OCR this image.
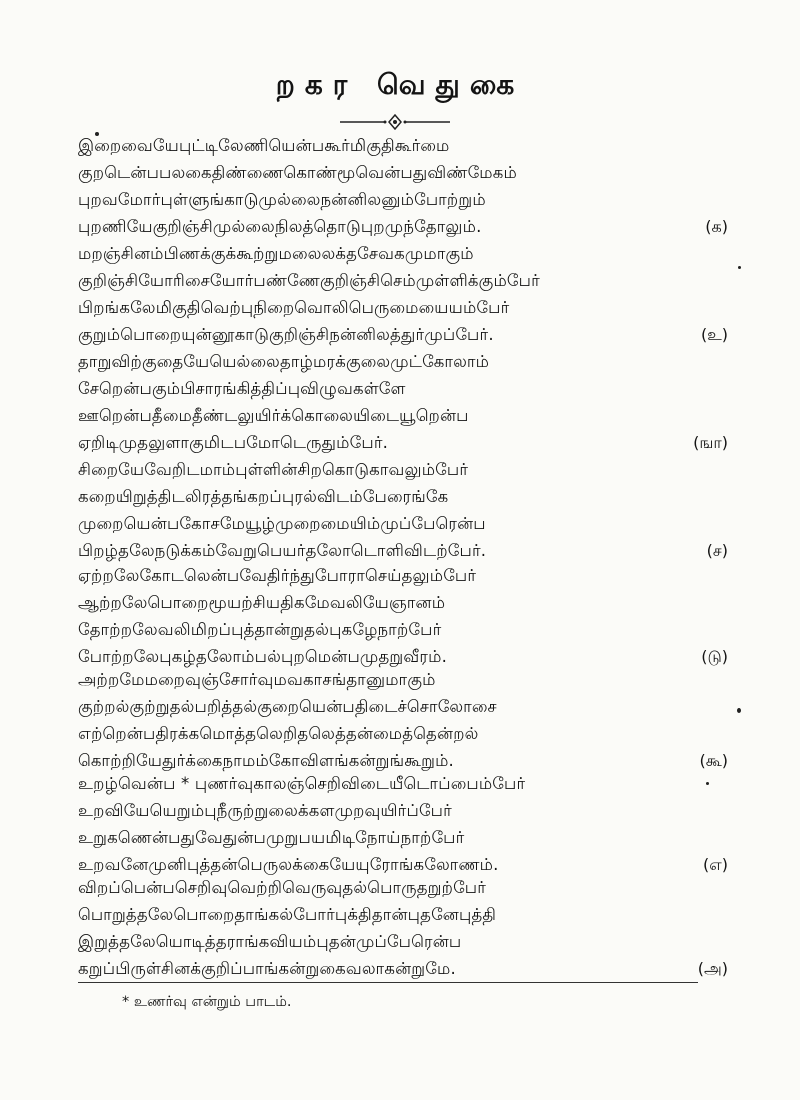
றகர வெதுகை
இறைவையேபுட்டிலேணியென்பகூர்மிகுதிகூர்மை
குறடென்பபலகைதிண்ணைகொண்மூவென்பதுவிண்மேகம்
புறவமோர்புள்ளுங்காடுமுல்லைநன்னிலனும்போற்றும்
புறணியேகுறிஞ்சிமுல்லைநிலத்தொடுபுறமுந்தோலும்.	(க)
மறஞ்சினம்பிணக்குக்கூற்றுமலைலக்தசேவகமுமாகும்
குறிஞ்சியோரிசையோர்பண்ணேகுறிஞ்சிசெம்முள்ளிக்கும்பேர்
பிறங்கலேமிகுதிவெற்புநிறைவொலிபெருமையையம்பேர்
குறும்பொறையுன்னூகாடுகுறிஞ்சிநன்னிலத்துர்முப்பேர்.	(உ)
தாறுவிற்குதையேயெல்லைதாழ்மரக்குலைமுட்கோலாம்
சேறென்பகும்பிசாரங்கித்திப்புவிழுவகள்ளே
ஊறென்பதீமைதீண்டலுயிர்க்கொலையிடையூறென்ப
ஏறிடிமுதலுளாகுமிடபமோடெருதும்பேர்.	(ஙா)
சிறையேவேறிடமாம்புள்ளின்சிறகொடுகாவலும்பேர்
கறையிறுத்திடலிரத்தங்கறப்புரல்விடம்பேரைங்கே
முறையென்பகோசமேயூழ்முறைமையிம்முப்பேரென்ப
பிறழ்தலேநடுக்கம்வேறுபெயர்தலோடொளிவிடற்பேர்.	(ச)
ஏற்றலேகோடலென்பவேதிர்ந்துபோராசெய்தலும்பேர்
ஆற்றலேபொறைமூயற்சியதிகமேவலியேஞானம்
தோற்றலேவலிமிறப்புத்தான்றுதல்புகழேநாற்பேர்
போற்றலேபுகழ்தலோம்பல்புறமென்பமுதறுவீரம்.	(டு)
அற்றமேமறைவுஞ்சோர்வுமவகாசங்தானுமாகும்
குற்றல்குற்றுதல்பறித்தல்குறையென்பதிடைச்சொலோசை
எற்றென்பதிரக்கமொத்தலெறிதலெத்தன்மைத்தென்றல்
கொற்றியேதுர்க்கைநாமம்கோவிளங்கன்றுங்கூறும்.	(கூ)
உறழ்வென்ப * புணர்வுகாலஞ்செறிவிடையீடொப்பைம்பேர்
உறவியேயெறும்புநீருற்றுலைக்களமுறவுயிர்ப்பேர்
உறுகணென்பதுவேதுன்பமுறுபயமிடிநோய்நாற்பேர்
உறவனேமுனிபுத்தன்பெருலக்கையேயுரோங்கலோணம்.	(எ)
விறப்பென்பசெறிவுவெற்றிவெருவுதல்பொருதறுற்பேர்
பொறுத்தலேபொறைதாங்கல்போர்புக்திதான்புதனேபுத்தி
இறுத்தலேயொடித்தராங்கவியம்புதன்முப்பேரென்ப
கறுப்பிருள்சினக்குறிப்பாங்கன்றுகைவலாகன்றுமே.	(அ)
* உணர்வு என்றும் பாடம்.
